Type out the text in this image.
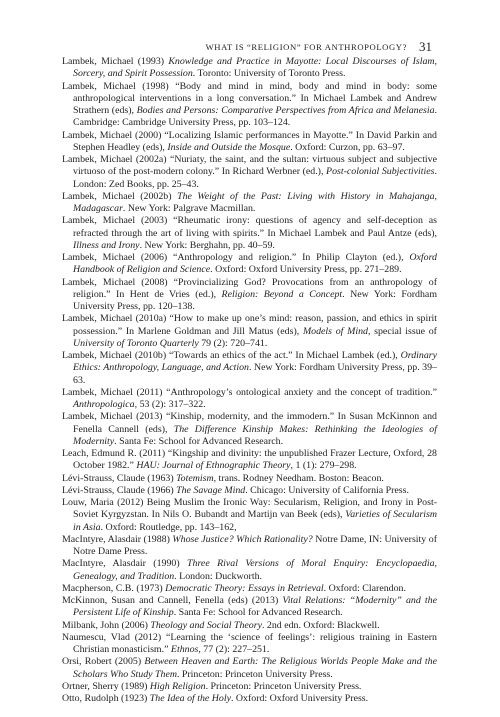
WHAT IS “RELIGION” FOR ANTHROPOLOGY? 31

Lambek, Michael (1993) Knowledge and Practice in Mayotte: Local Discourses of Islam, Sorcery, and Spirit Possession. Toronto: University of Toronto Press.

Lambek, Michael (1998) “Body and mind in mind, body and mind in body: some anthropological interventions in a long conversation.” In Michael Lambek and Andrew Strathern (eds), Bodies and Persons: Comparative Perspectives from Africa and Melanesia. Cambridge: Cambridge University Press, pp. 103–124.

Lambek, Michael (2000) “Localizing Islamic performances in Mayotte.” In David Parkin and Stephen Headley (eds), Inside and Outside the Mosque. Oxford: Curzon, pp. 63–97.

Lambek, Michael (2002a) “Nuriaty, the saint, and the sultan: virtuous subject and subjective virtuoso of the post-modern colony.” In Richard Werbner (ed.), Post-colonial Subjectivities. London: Zed Books, pp. 25–43.

Lambek, Michael (2002b) The Weight of the Past: Living with History in Mahajanga, Madagascar. New York: Palgrave Macmillan.

Lambek, Michael (2003) “Rheumatic irony: questions of agency and self-deception as refracted through the art of living with spirits.” In Michael Lambek and Paul Antze (eds), Illness and Irony. New York: Berghahn, pp. 40–59.

Lambek, Michael (2006) “Anthropology and religion.” In Philip Clayton (ed.), Oxford Handbook of Religion and Science. Oxford: Oxford University Press, pp. 271–289.

Lambek, Michael (2008) “Provincializing God? Provocations from an anthropology of religion.” In Hent de Vries (ed.), Religion: Beyond a Concept. New York: Fordham University Press, pp. 120–138.

Lambek, Michael (2010a) “How to make up one’s mind: reason, passion, and ethics in spirit possession.” In Marlene Goldman and Jill Matus (eds), Models of Mind, special issue of University of Toronto Quarterly 79 (2): 720–741.

Lambek, Michael (2010b) “Towards an ethics of the act.” In Michael Lambek (ed.), Ordinary Ethics: Anthropology, Language, and Action. New York: Fordham University Press, pp. 39–63.

Lambek, Michael (2011) “Anthropology’s ontological anxiety and the concept of tradition.” Anthropologica, 53 (2): 317–322.

Lambek, Michael (2013) “Kinship, modernity, and the immodern.” In Susan McKinnon and Fenella Cannell (eds), The Difference Kinship Makes: Rethinking the Ideologies of Modernity. Santa Fe: School for Advanced Research.

Leach, Edmund R. (2011) “Kingship and divinity: the unpublished Frazer Lecture, Oxford, 28 October 1982.” HAU: Journal of Ethnographic Theory, 1 (1): 279–298.

Lévi-Strauss, Claude (1963) Totemism, trans. Rodney Needham. Boston: Beacon.

Lévi-Strauss, Claude (1966) The Savage Mind. Chicago: University of California Press.

Louw, Maria (2012) Being Muslim the Ironic Way: Secularism, Religion, and Irony in Post-Soviet Kyrgyzstan. In Nils O. Bubandt and Martijn van Beek (eds), Varieties of Secularism in Asia. Oxford: Routledge, pp. 143–162,

MacIntyre, Alasdair (1988) Whose Justice? Which Rationality? Notre Dame, IN: University of Notre Dame Press.

MacIntyre, Alasdair (1990) Three Rival Versions of Moral Enquiry: Encyclopaedia, Genealogy, and Tradition. London: Duckworth.

Macpherson, C.B. (1973) Democratic Theory: Essays in Retrieval. Oxford: Clarendon.

McKinnon, Susan and Cannell, Fenella (eds) (2013) Vital Relations: “Modernity” and the Persistent Life of Kinship. Santa Fe: School for Advanced Research.

Milbank, John (2006) Theology and Social Theory. 2nd edn. Oxford: Blackwell.

Naumescu, Vlad (2012) “Learning the ‘science of feelings’: religious training in Eastern Christian monasticism.” Ethnos, 77 (2): 227–251.

Orsi, Robert (2005) Between Heaven and Earth: The Religious Worlds People Make and the Scholars Who Study Them. Princeton: Princeton University Press.

Ortner, Sherry (1989) High Religion. Princeton: Princeton University Press.

Otto, Rudolph (1923) The Idea of the Holy. Oxford: Oxford University Press.
